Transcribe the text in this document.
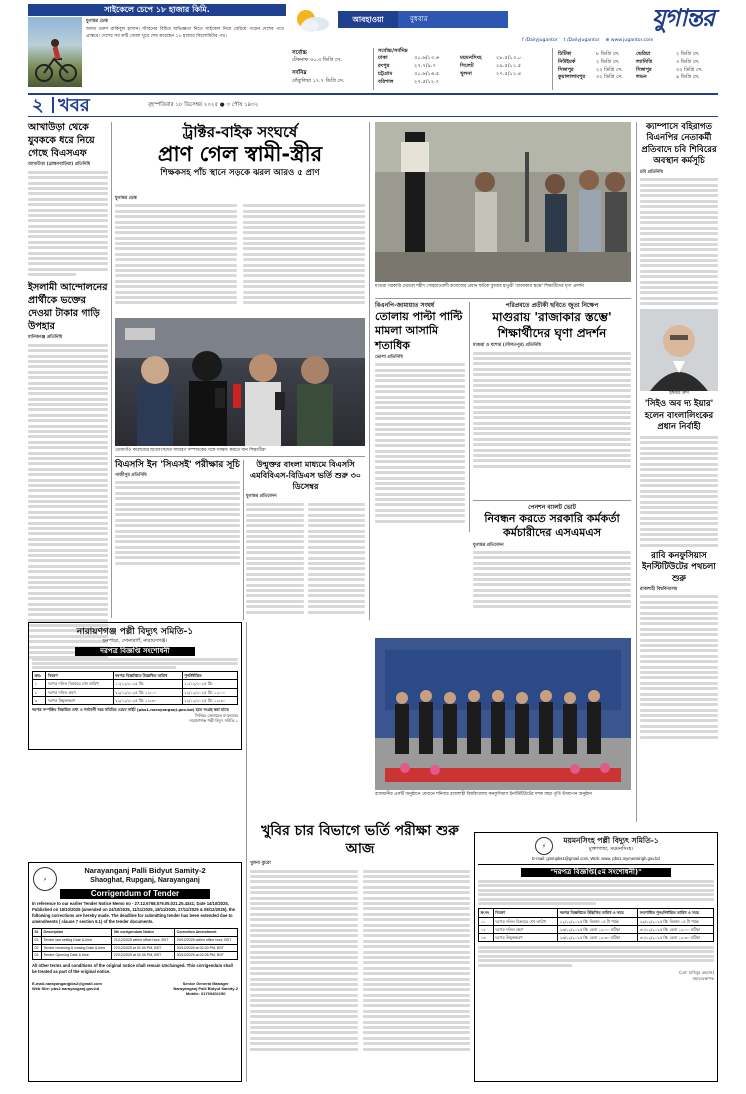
সাইকেলে চেপে ১৮ হাজার কিমি.
যুগান্তর ডেস্ক
অদম্য তরুণ রাকিবুল হাসান। জীবনের বিচিত্র অভিজ্ঞতা নিতে সাইকেল নিয়ে বেরিয়ে পড়েন দেশের পথে প্রান্তরে। দেশের সব কটি জেলা ঘুরে শেষ করেছেন ১৮ হাজার কিলোমিটার পথ।
আবহাওয়া	বুধবার	যুগান্তর
f /DailyJugantor t /DailyJugantor ⊕ www.jugantor.com
সর্বোচ্চ
টেকনাফ ৩০.৩ ডিগ্রি সে.
সর্বনিম্ন
তেঁতুলিয়া ১৭.৭ ডিগ্রি সে.
সর্বোচ্চ/সর্বনিম্ন
ঢাকা	৩০.৬/১৩.৬	ময়মনসিংহ	২৮.৫/১৩.০
রংপুর	২৭.৭/৯.৭	সিলেট	২৯.৫/১২.৫
চট্টগ্রাম	৩০.৬/১৬.৫	খুলনা	২৭.৫/১২.৪
বরিশাল	২৭.৫/১২.৭
ঢিটিকা	৮ ডিগ্রি সে.	ভেরিয়া	২ ডিগ্রি সে.
নিউইয়র্ক	২ ডিগ্রি সে.	ল্যানিতি	৩ ডিগ্রি সে.
সিঙ্গাপুর	২২ ডিগ্রি সে.	সিঙ্গাপুর	৩২ ডিগ্রি সে.
কুয়ালালামপুর	৩২ ডিগ্রি সে.	লন্ডন	৯ ডিগ্রি সে.
২ খবর	বৃহস্পতিবার ১৮ ডিসেম্বর ২০২৫ ● ৩ পৌষ ১৪৩২
আখাউড়া থেকে যুবককে ধরে নিয়ে গেছে বিএসএফ
আখাউড়া (ব্রাহ্মণবাড়িয়া) প্রতিনিধি
ইসলামী আন্দোলনের প্রার্থীকে ভক্তের দেওয়া টাকার গাড়ি উপহার
মানিকগঞ্জ প্রতিনিধি
ট্রাক্টর-বাইক সংঘর্ষে
প্রাণ গেল স্বামী-স্ত্রীর
শিক্ষকসহ পাঁচ স্থানে সড়কে ঝরল আরও ৫ প্রাণ
যুগান্তর ডেস্ক
তেজগাঁও কলেজের ছাত্রসংসদের সাধারণ সম্পাদকের সঙ্গে সাক্ষাৎ করতে যান শিক্ষার্থীরা
বিএসসি ইন 'সিএসই' পরীক্ষার সূচি
গাজীপুর প্রতিনিধি
উন্মুক্তর বাংলা মাধ্যমে বিএসসি এমবিবিএস-বিডিএস ভর্তি শুরু ৩০ ডিসেম্বর
যুগান্তর প্রতিবেদন
নারায়ণগঞ্জ পল্লী বিদ্যুৎ সমিতি-১
চনপাড়া, সোনারগাঁ, নারায়ণগঞ্জ।
দরপত্র বিজ্ঞপ্তি সংশোধনী
ক্রম:	বিবরণ	দরপত্র বিজ্ঞপ্তিতে উল্লেখিত তারিখ	পুনর্নির্ধারিত
১	দরপত্র দলিল বিক্রয়ের শেষ তারিখ	১১/১২/২০২৫ খ্রি:	২১/১২/২০২৫ খ্রি:
২	দরপত্র দলিল গ্রহণ	২২/১২/২০২৫ খ্রি: ১২:০০	২২/১২/২০২৫ খ্রি: ১২:০০
৩	দরপত্র উন্মুক্তকরণ	২২/১২/২০২৫ খ্রি: ১২:৩০	২২/১২/২০২৫ খ্রি: ১২:৩০
দরপত্র সম্পর্কিত বিস্তারিত তথ্য ও শর্তাবলী অত্র সমিতির ওয়েব সাইট (pbs1.narayanganj.gov.bd) হতে সংগ্রহ করা যাবে।
সিনিয়র জেনারেল ম্যানেজার
নারায়ণগঞ্জ পল্লী বিদ্যুৎ সমিতি-১
⚡
Narayanganj Palli Bidyut Samity-2
Shaoghat, Rupganj, Narayanganj
Corrigendum of Tender
In reference to our earlier Tender Notice Memo no - 27.12.6768.579.05.021.25.4341; Date 14/10/2025, Published on 15/10/2025 (amended on 24/10/2025, 11/11/2025, 18/11/2025, 27/11/2025 & 08/12/2025), the following corrections are hereby made. The deadline for submitting tender has been extended due to amendments ( clause 7 section 6.1) of the tender documents.
Sl.	Description	5th corrigendum Notice	Correction Amendment
01	Tender last selling Date & time	21/12/2025 within office hour, BST	29/12/2025 within office hour, BST
02	Tender receiving & closing Date & time	22/12/2025 at 02.00 PM, BST	30/12/2025 at 02.00 PM, BST
03	Tender Opening Date & time	22/12/2025 at 02.05 PM, BST	30/12/2025 at 02.05 PM, BST
All other terms and conditions of the original notice shall remain Unchanged. This corrigendum shall be treated as part of the original notice.
E-mail-narayanganjpbs2@gmail.com
Web Site: pbs2.narayanganj.gov.bd
Senior General Manager
Narayanganj Palli Bidyut Samity-2
Mobile: 01769402150
মাগুরা সরকারি মেডেল শহীদ সোহরাওয়ার্দী কলেজের প্রধান ফটকে বুধবার হাতুরী 'রাজাকার স্তম্ভে' শিক্ষার্থীদের ঘৃণা প্রদর্শন
বিএনপি-জামায়াত সংঘর্ষ
তোলায় পাল্টা পাল্টি মামলা আসামি শতাধিক
ভোলা প্রতিনিধি
পরিপ্রবতে প্রতীকী ছবিতে জুতা নিক্ষেপ
মাগুরায় 'রাজাকার স্তম্ভে' শিক্ষার্থীদের ঘৃণা প্রদর্শন
মাগুরা ও যশোর (দৌলতপুর) প্রতিনিধি
পেনশন ব্যালট ভোট
নিবন্ধন করতে সরকারি কর্মকর্তা কর্মচারীদের এসএমএস
যুগান্তর প্রতিবেদন
রাজধানীর একটি অনুষ্ঠানে যেখানে শনিবার রাজশাহী বিশ্ববিদ্যালয় কনফুসিয়াস ইনস্টিটিউটের দশক বছর পূর্তি উদযাপন অনুষ্ঠান
ক্যাম্পাসে বহিরাগত বিএনপির নেতাকর্মী প্রতিবাদে চবি শিবিরের অবস্থান কর্মসূচি
চবি প্রতিনিধি
ইঙ্গমার দ্রুস
'সিইও অব দ্য ইয়ার' হলেন বাংলালিংকের প্রধান নির্বাহী
রাবি কনফুসিয়াস ইনস্টিটিউটের পথচলা শুরু
রাজশাহী বিশ্ববিদ্যালয়
খুবির চার বিভাগে ভর্তি পরীক্ষা শুরু আজ
খুলনা ব্যুরো
⚡
ময়মনসিংহ পল্লী বিদ্যুৎ সমিতি-১
মুক্তাগাছা, ময়মনসিংহ।
E-mail: gmmpbs1@gmail.com, Web: www. pbs1.mymensingh.gov.bd
"দরপত্র বিজ্ঞপ্তি(৫ম সংশোধনী)"
ক্র.নং	বিবরণ	দরপত্র বিজ্ঞপ্তিতে উল্লিখিত তারিখ ও সময়	সংশোধিত পুনঃনির্ধারিত তারিখ ও সময়
০১	দরপত্র দলিল বিক্রয়ের শেষ তারিখ	২২/১২/২০২৫ খ্রি: বিকাল ০৫ টা পর্যন্ত	২৯/১২/২০২৫ খ্রি: বিকাল ০৫ টা পর্যন্ত
০২	দরপত্র দলিল গ্রহণ	২৩/১২/২০২৫ খ্রি: বেলা ১২:০০ ঘটিকা	৩০/১২/২০২৫ খ্রি: বেলা ১২:০০ ঘটিকা
০৩	দরপত্র উন্মুক্তকরণ	২৩/১২/২০২৫ খ্রি: বেলা ১২:৩০ ঘটিকা	৩০/১২/২০২৫ খ্রি: বেলা ১২:৩০ ঘটিকা
(মো: হাবিবুর রহমান)
মহাব্যবস্থাপক
